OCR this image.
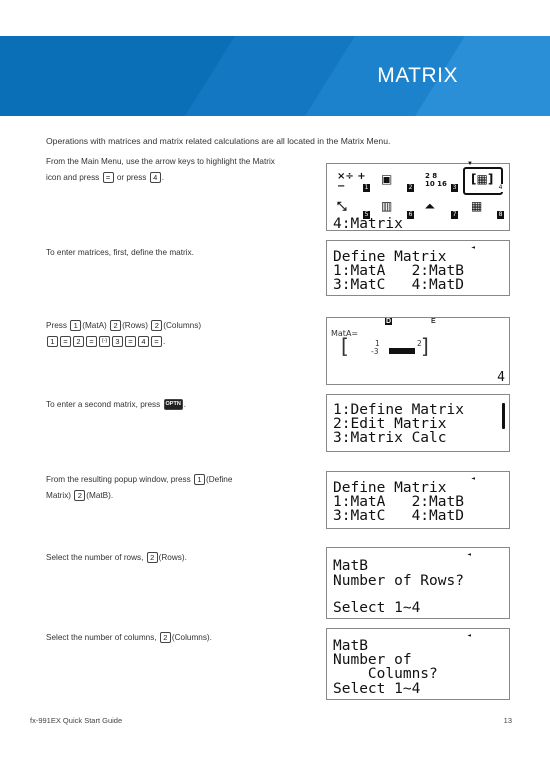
MATRIX
Operations with matrices and matrix related calculations are all located in the Matrix Menu.
From the Main Menu, use the arrow keys to highlight the Matrix
icon and press = or press 4 .
▼
×÷ +−	1
▣
2
2 8
10 16 3
[▦]
4
⤡
5
▥
6
⏶
7
▦
8
4:Matrix
To enter matrices, first, define the matrix.
◄
Define Matrix
1:MatA   2:MatB
3:MatC   4:MatD
Press 1 (MatA) 2 (Rows) 2 (Columns)
1 = 2 = (-) 3 = 4 = .
D	E
MatA=
[	]
1	2
-3	4
4
To enter a second matrix, press OPTN .	1:Define Matrix
2:Edit Matrix
3:Matrix Calc
From the resulting popup window, press 1 (Define
Matrix) 2 (MatB).
◄
Define Matrix
1:MatA   2:MatB
3:MatC   4:MatD
Select the number of rows, 2 (Rows).	◄
MatB
Number of Rows?
Select 1~4
Select the number of columns, 2 (Columns).	◄
MatB
Number of
Columns?
Select 1~4
fx-991EX Quick Start Guide	13
